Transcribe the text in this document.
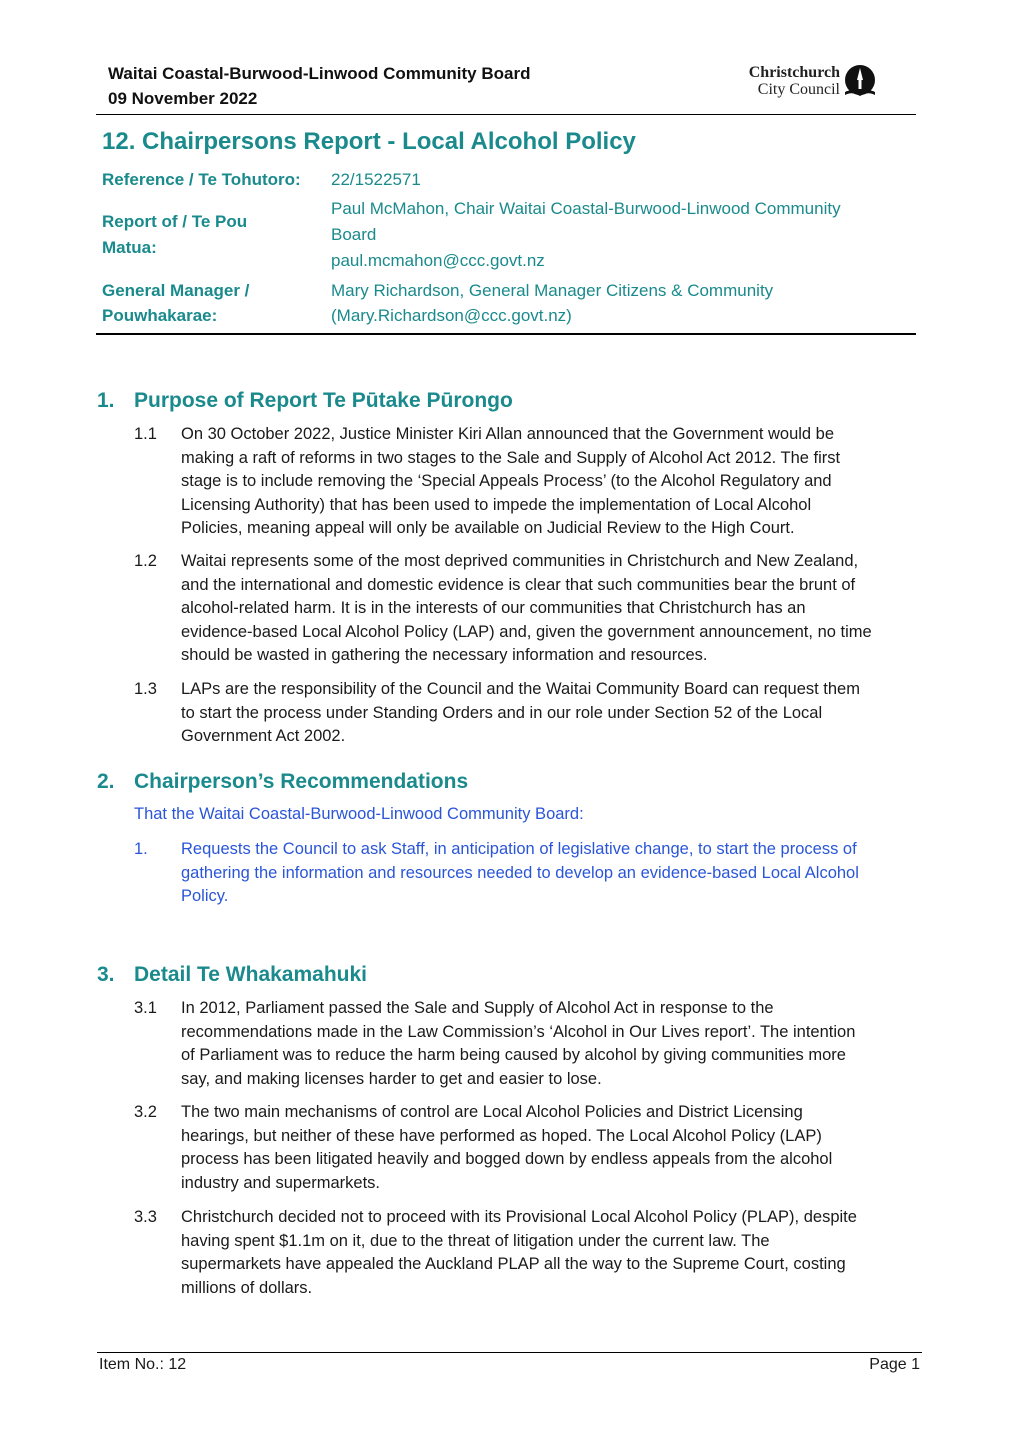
Waitai Coastal-Burwood-Linwood Community Board
09 November 2022
Christchurch
City Council
12. Chairpersons Report - Local Alcohol Policy
Reference / Te Tohutoro: 22/1522571
Report of / Te Pou
Matua:
Paul McMahon, Chair Waitai Coastal-Burwood-Linwood Community
Board
paul.mcmahon@ccc.govt.nz
General Manager /
Pouwhakarae:
Mary Richardson, General Manager Citizens & Community
(Mary.Richardson@ccc.govt.nz)
1. Purpose of Report Te Pūtake Pūrongo
1.1 On 30 October 2022, Justice Minister Kiri Allan announced that the Government would be
making a raft of reforms in two stages to the Sale and Supply of Alcohol Act 2012. The first
stage is to include removing the ‘Special Appeals Process’ (to the Alcohol Regulatory and
Licensing Authority) that has been used to impede the implementation of Local Alcohol
Policies, meaning appeal will only be available on Judicial Review to the High Court.
1.2 Waitai represents some of the most deprived communities in Christchurch and New Zealand,
and the international and domestic evidence is clear that such communities bear the brunt of
alcohol-related harm. It is in the interests of our communities that Christchurch has an
evidence-based Local Alcohol Policy (LAP) and, given the government announcement, no time
should be wasted in gathering the necessary information and resources.
1.3 LAPs are the responsibility of the Council and the Waitai Community Board can request them
to start the process under Standing Orders and in our role under Section 52 of the Local
Government Act 2002.
2. Chairperson’s Recommendations
That the Waitai Coastal-Burwood-Linwood Community Board:
1. Requests the Council to ask Staff, in anticipation of legislative change, to start the process of
gathering the information and resources needed to develop an evidence-based Local Alcohol
Policy.
3. Detail Te Whakamahuki
3.1 In 2012, Parliament passed the Sale and Supply of Alcohol Act in response to the
recommendations made in the Law Commission’s ‘Alcohol in Our Lives report’. The intention
of Parliament was to reduce the harm being caused by alcohol by giving communities more
say, and making licenses harder to get and easier to lose.
3.2 The two main mechanisms of control are Local Alcohol Policies and District Licensing
hearings, but neither of these have performed as hoped. The Local Alcohol Policy (LAP)
process has been litigated heavily and bogged down by endless appeals from the alcohol
industry and supermarkets.
3.3 Christchurch decided not to proceed with its Provisional Local Alcohol Policy (PLAP), despite
having spent $1.1m on it, due to the threat of litigation under the current law. The
supermarkets have appealed the Auckland PLAP all the way to the Supreme Court, costing
millions of dollars.
Item No.: 12	Page 1
